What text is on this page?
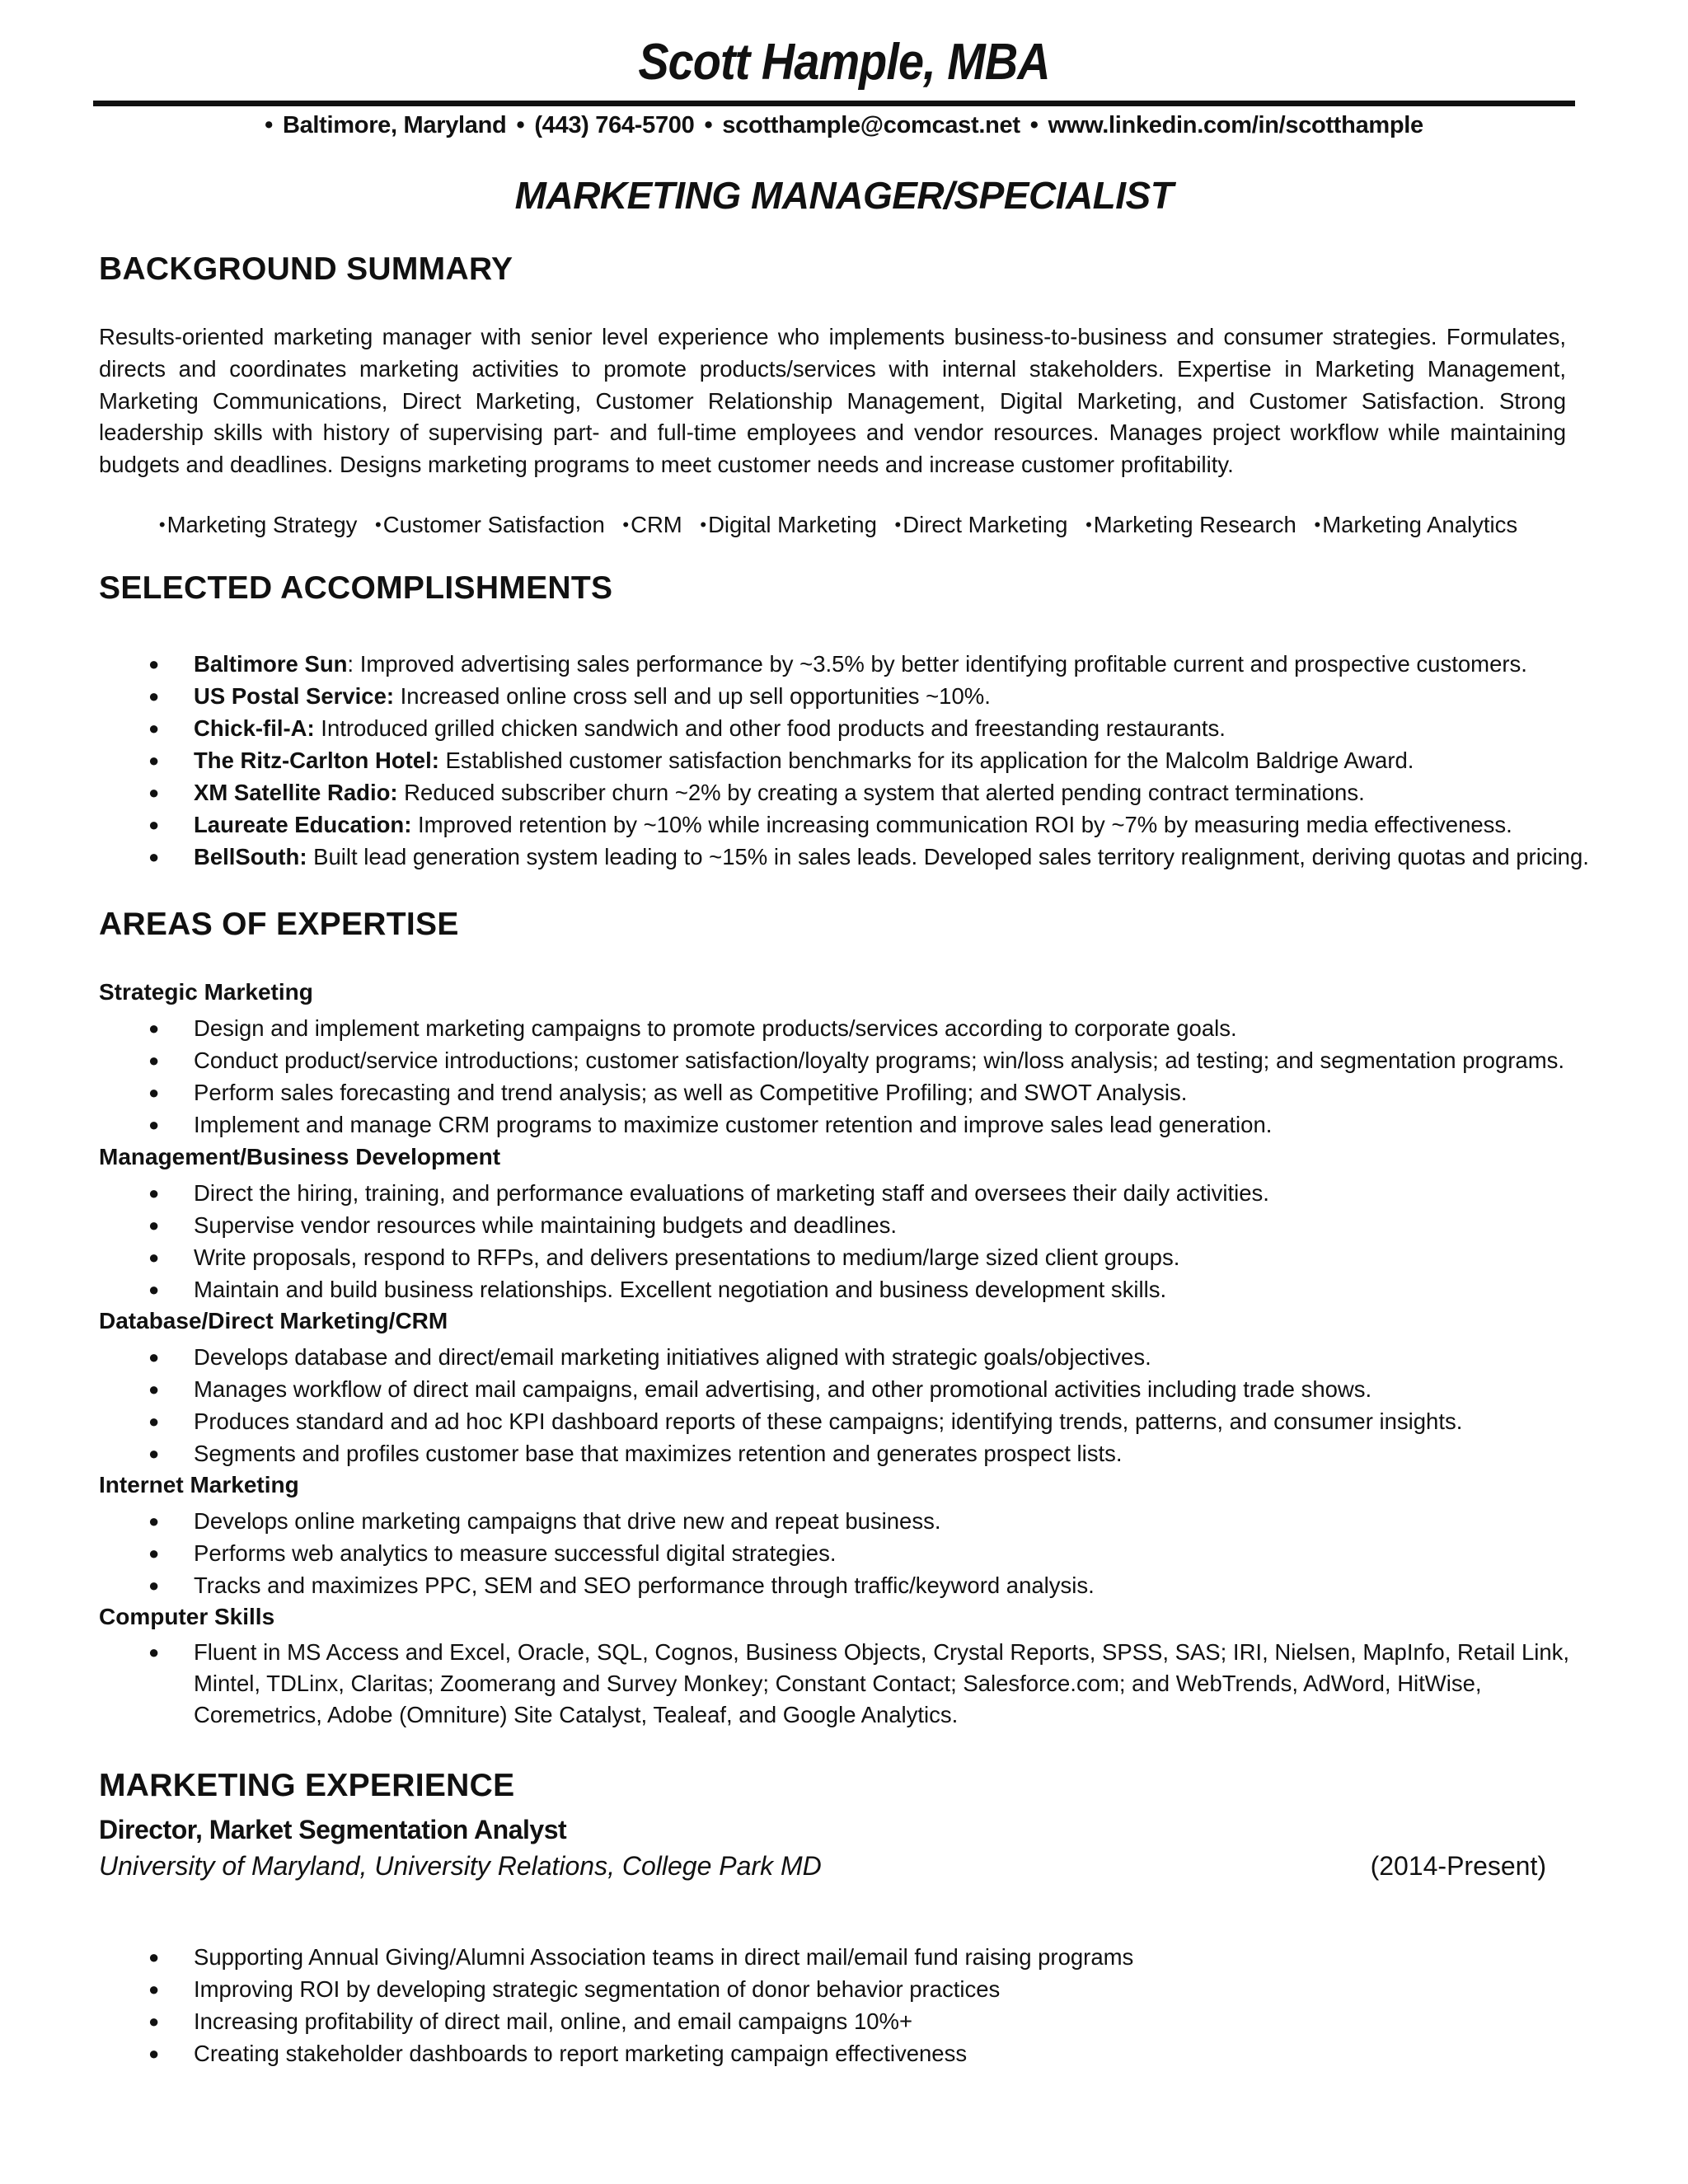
Scott Hample, MBA
• Baltimore, Maryland • (443) 764-5700 • scotthample@comcast.net • www.linkedin.com/in/scotthample
MARKETING MANAGER/SPECIALIST
BACKGROUND SUMMARY
Results-oriented marketing manager with senior level experience who implements business-to-business and consumer strategies. Formulates, directs and coordinates marketing activities to promote products/services with internal stakeholders. Expertise in Marketing Management, Marketing Communications, Direct Marketing, Customer Relationship Management, Digital Marketing, and Customer Satisfaction. Strong leadership skills with history of supervising part- and full-time employees and vendor resources. Manages project workflow while maintaining budgets and deadlines. Designs marketing programs to meet customer needs and increase customer profitability.
•Marketing Strategy •Customer Satisfaction •CRM •Digital Marketing •Direct Marketing •Marketing Research •Marketing Analytics
SELECTED ACCOMPLISHMENTS
● Baltimore Sun: Improved advertising sales performance by ~3.5% by better identifying profitable current and prospective customers.
● US Postal Service: Increased online cross sell and up sell opportunities ~10%.
● Chick-fil-A: Introduced grilled chicken sandwich and other food products and freestanding restaurants.
● The Ritz-Carlton Hotel: Established customer satisfaction benchmarks for its application for the Malcolm Baldrige Award.
● XM Satellite Radio: Reduced subscriber churn ~2% by creating a system that alerted pending contract terminations.
● Laureate Education: Improved retention by ~10% while increasing communication ROI by ~7% by measuring media effectiveness.
● BellSouth: Built lead generation system leading to ~15% in sales leads. Developed sales territory realignment, deriving quotas and pricing.
AREAS OF EXPERTISE
Strategic Marketing
● Design and implement marketing campaigns to promote products/services according to corporate goals.
● Conduct product/service introductions; customer satisfaction/loyalty programs; win/loss analysis; ad testing; and segmentation programs.
● Perform sales forecasting and trend analysis; as well as Competitive Profiling; and SWOT Analysis.
● Implement and manage CRM programs to maximize customer retention and improve sales lead generation.
Management/Business Development
● Direct the hiring, training, and performance evaluations of marketing staff and oversees their daily activities.
● Supervise vendor resources while maintaining budgets and deadlines.
● Write proposals, respond to RFPs, and delivers presentations to medium/large sized client groups.
● Maintain and build business relationships. Excellent negotiation and business development skills.
Database/Direct Marketing/CRM
● Develops database and direct/email marketing initiatives aligned with strategic goals/objectives.
● Manages workflow of direct mail campaigns, email advertising, and other promotional activities including trade shows.
● Produces standard and ad hoc KPI dashboard reports of these campaigns; identifying trends, patterns, and consumer insights.
● Segments and profiles customer base that maximizes retention and generates prospect lists.
Internet Marketing
● Develops online marketing campaigns that drive new and repeat business.
● Performs web analytics to measure successful digital strategies.
● Tracks and maximizes PPC, SEM and SEO performance through traffic/keyword analysis.
Computer Skills
● Fluent in MS Access and Excel, Oracle, SQL, Cognos, Business Objects, Crystal Reports, SPSS, SAS; IRI, Nielsen, MapInfo, Retail Link, Mintel, TDLinx, Claritas; Zoomerang and Survey Monkey; Constant Contact; Salesforce.com; and WebTrends, AdWord, HitWise, Coremetrics, Adobe (Omniture) Site Catalyst, Tealeaf, and Google Analytics.
MARKETING EXPERIENCE
Director, Market Segmentation Analyst
University of Maryland, University Relations, College Park MD	(2014-Present)
● Supporting Annual Giving/Alumni Association teams in direct mail/email fund raising programs
● Improving ROI by developing strategic segmentation of donor behavior practices
● Increasing profitability of direct mail, online, and email campaigns 10%+
● Creating stakeholder dashboards to report marketing campaign effectiveness
